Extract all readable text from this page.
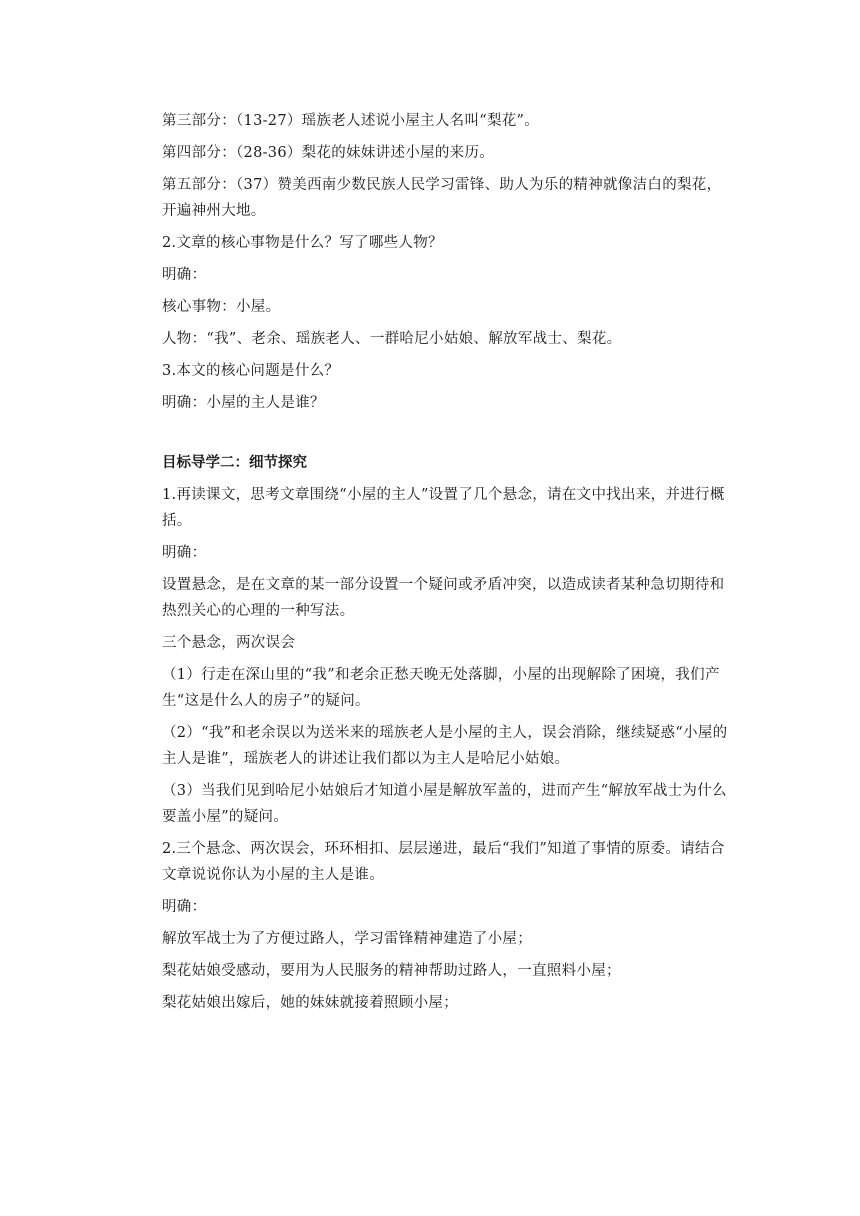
第三部分：（13-27）瑶族老人述说小屋主人名叫“梨花”。

第四部分：（28-36）梨花的妹妹讲述小屋的来历。

第五部分：（37）赞美西南少数民族人民学习雷锋、助人为乐的精神就像洁白的梨花，开遍神州大地。

2.文章的核心事物是什么？写了哪些人物？

明确：

核心事物：小屋。

人物：“我”、老余、瑶族老人、一群哈尼小姑娘、解放军战士、梨花。

3.本文的核心问题是什么？

明确：小屋的主人是谁？

目标导学二：细节探究

1.再读课文，思考文章围绕“小屋的主人”设置了几个悬念，请在文中找出来，并进行概括。

明确：

设置悬念，是在文章的某一部分设置一个疑问或矛盾冲突，以造成读者某种急切期待和热烈关心的心理的一种写法。

三个悬念，两次误会

（1）行走在深山里的“我”和老余正愁天晚无处落脚，小屋的出现解除了困境，我们产生“这是什么人的房子”的疑问。

（2）“我”和老余误以为送米来的瑶族老人是小屋的主人，误会消除，继续疑惑“小屋的主人是谁”，瑶族老人的讲述让我们都以为主人是哈尼小姑娘。

（3）当我们见到哈尼小姑娘后才知道小屋是解放军盖的，进而产生“解放军战士为什么要盖小屋”的疑问。

2.三个悬念、两次误会，环环相扣、层层递进，最后“我们”知道了事情的原委。请结合文章说说你认为小屋的主人是谁。

明确：

解放军战士为了方便过路人，学习雷锋精神建造了小屋；

梨花姑娘受感动，要用为人民服务的精神帮助过路人，一直照料小屋；

梨花姑娘出嫁后，她的妹妹就接着照顾小屋；
